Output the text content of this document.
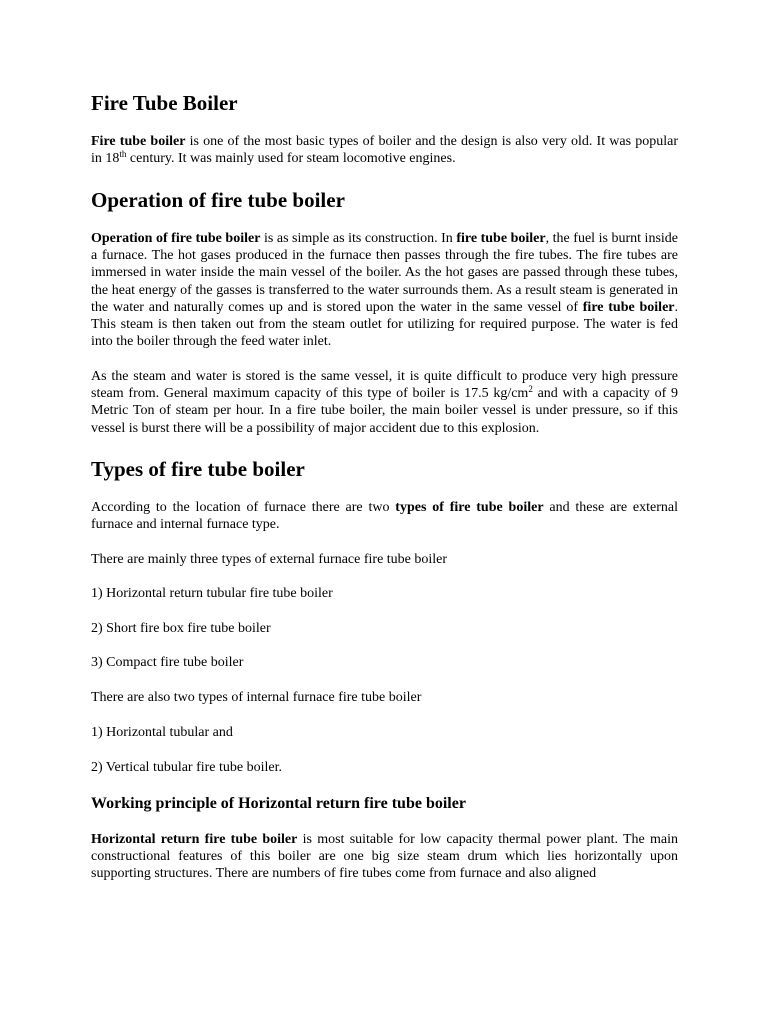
Fire Tube Boiler

Fire tube boiler is one of the most basic types of boiler and the design is also very old. It was popular in 18th century. It was mainly used for steam locomotive engines.

Operation of fire tube boiler

Operation of fire tube boiler is as simple as its construction. In fire tube boiler, the fuel is burnt inside a furnace. The hot gases produced in the furnace then passes through the fire tubes. The fire tubes are immersed in water inside the main vessel of the boiler. As the hot gases are passed through these tubes, the heat energy of the gasses is transferred to the water surrounds them. As a result steam is generated in the water and naturally comes up and is stored upon the water in the same vessel of fire tube boiler. This steam is then taken out from the steam outlet for utilizing for required purpose. The water is fed into the boiler through the feed water inlet.

As the steam and water is stored is the same vessel, it is quite difficult to produce very high pressure steam from. General maximum capacity of this type of boiler is 17.5 $kg/cm^2$ and with a capacity of 9 Metric Ton of steam per hour. In a fire tube boiler, the main boiler vessel is under pressure, so if this vessel is burst there will be a possibility of major accident due to this explosion.

Types of fire tube boiler

According to the location of furnace there are two types of fire tube boiler and these are external furnace and internal furnace type.

There are mainly three types of external furnace fire tube boiler

1) Horizontal return tubular fire tube boiler

2) Short fire box fire tube boiler

3) Compact fire tube boiler

There are also two types of internal furnace fire tube boiler

1) Horizontal tubular and

2) Vertical tubular fire tube boiler.

Working principle of Horizontal return fire tube boiler

Horizontal return fire tube boiler is most suitable for low capacity thermal power plant. The main constructional features of this boiler are one big size steam drum which lies horizontally upon supporting structures. There are numbers of fire tubes come from furnace and also aligned
